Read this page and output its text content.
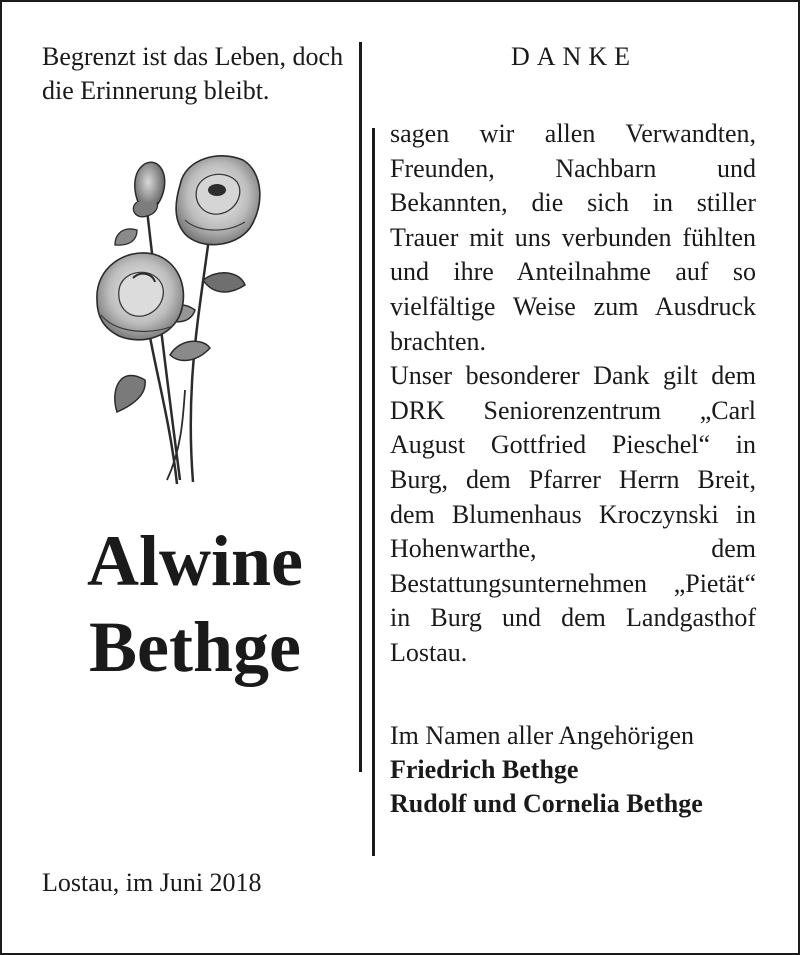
Begrenzt ist das Leben, doch die Erinnerung bleibt.

Alwine
Bethge
Lostau, im Juni 2018
DANKE
sagen wir allen Verwandten, Freunden, Nachbarn und Bekannten, die sich in stiller Trauer mit uns verbunden fühlten und ihre Anteilnahme auf so vielfältige Weise zum Ausdruck brachten.
Unser besonderer Dank gilt dem DRK Seniorenzentrum „Carl August Gottfried Pieschel“ in Burg, dem Pfarrer Herrn Breit, dem Blumenhaus Kroczynski in Hohenwarthe, dem Bestattungsunternehmen „Pietät“ in Burg und dem Landgasthof Lostau.
Im Namen aller Angehörigen
Friedrich Bethge
Rudolf und Cornelia Bethge
